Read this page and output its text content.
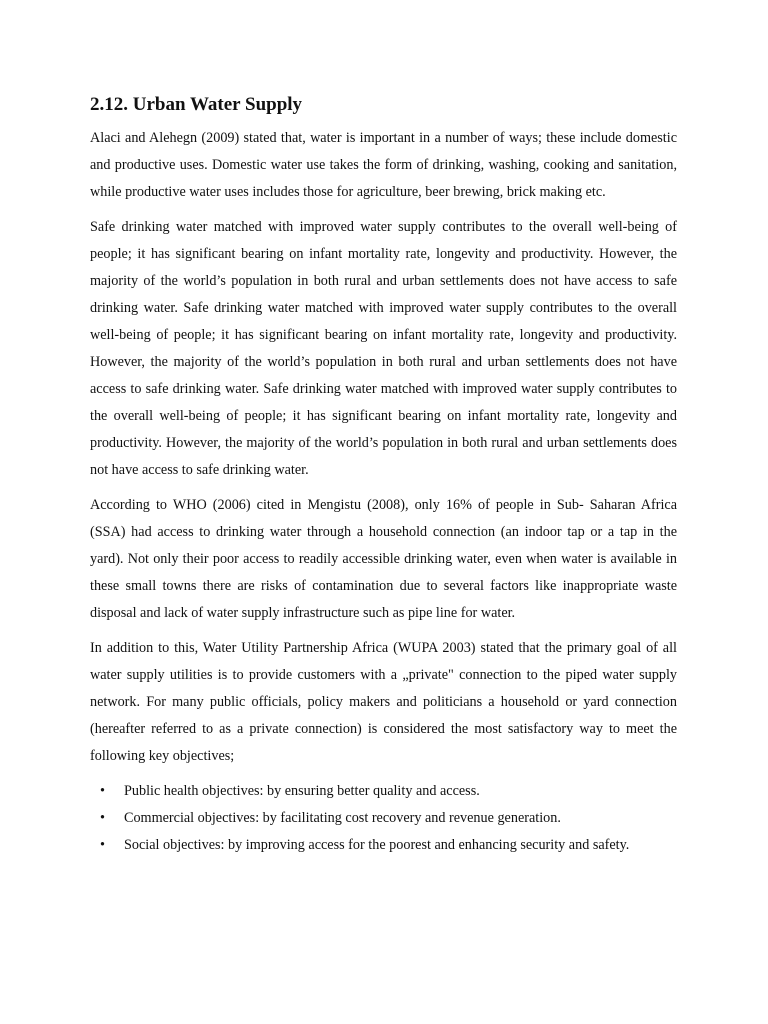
2.12. Urban Water Supply

Alaci and Alehegn (2009) stated that, water is important in a number of ways; these include domestic and productive uses. Domestic water use takes the form of drinking, washing, cooking and sanitation, while productive water uses includes those for agriculture, beer brewing, brick making etc.

Safe drinking water matched with improved water supply contributes to the overall well-being of people; it has significant bearing on infant mortality rate, longevity and productivity. However, the majority of the world’s population in both rural and urban settlements does not have access to safe drinking water. Safe drinking water matched with improved water supply contributes to the overall well-being of people; it has significant bearing on infant mortality rate, longevity and productivity. However, the majority of the world’s population in both rural and urban settlements does not have access to safe drinking water. Safe drinking water matched with improved water supply contributes to the overall well-being of people; it has significant bearing on infant mortality rate, longevity and productivity. However, the majority of the world’s population in both rural and urban settlements does not have access to safe drinking water.

According to WHO (2006) cited in Mengistu (2008), only 16% of people in Sub- Saharan Africa (SSA) had access to drinking water through a household connection (an indoor tap or a tap in the yard). Not only their poor access to readily accessible drinking water, even when water is available in these small towns there are risks of contamination due to several factors like inappropriate waste disposal and lack of water supply infrastructure such as pipe line for water.

In addition to this, Water Utility Partnership Africa (WUPA 2003) stated that the primary goal of all water supply utilities is to provide customers with a „private" connection to the piped water supply network. For many public officials, policy makers and politicians a household or yard connection (hereafter referred to as a private connection) is considered the most satisfactory way to meet the following key objectives;

• Public health objectives: by ensuring better quality and access.
• Commercial objectives: by facilitating cost recovery and revenue generation.
• Social objectives: by improving access for the poorest and enhancing security and safety.
